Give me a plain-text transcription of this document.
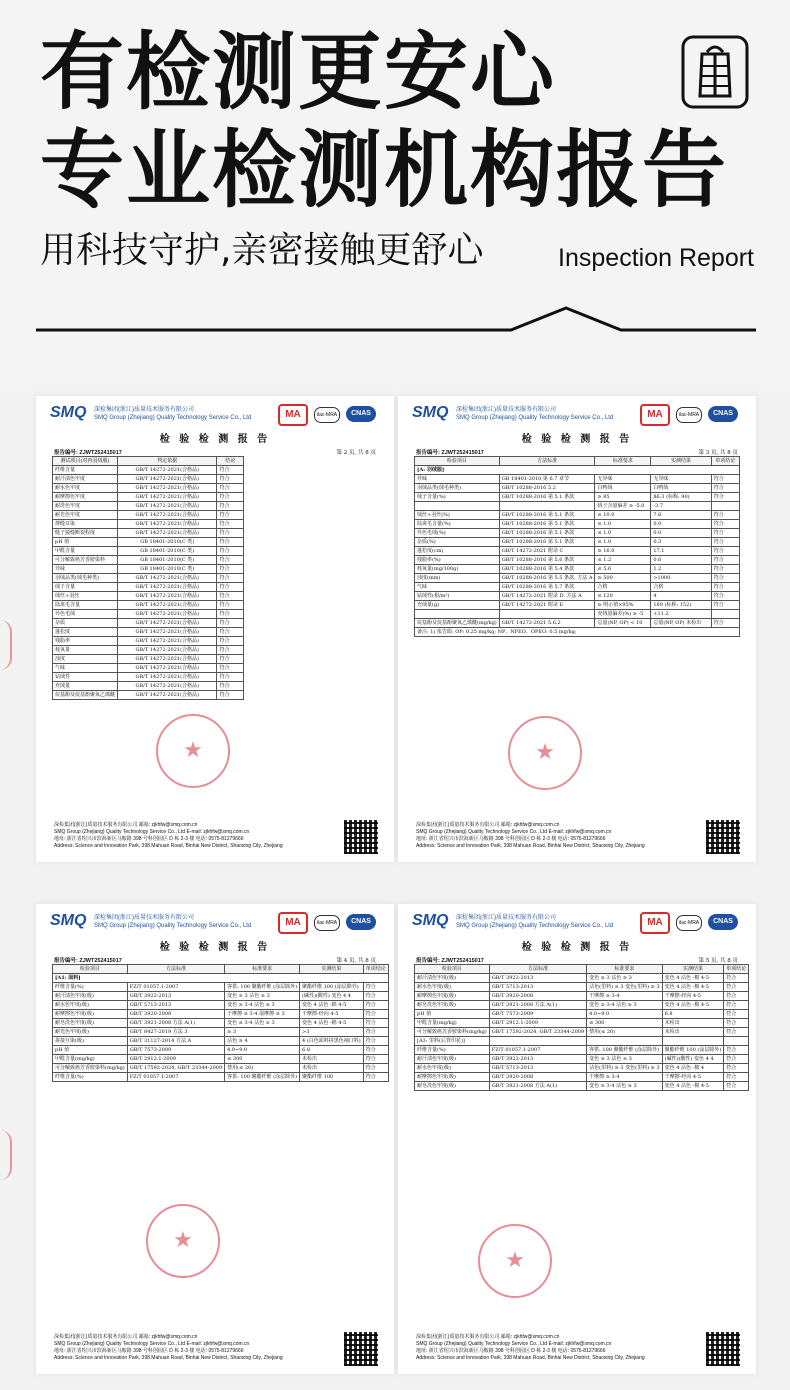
有检测更安心
专业检测机构报告
用科技守护,亲密接触更舒心	Inspection Report
SMQ 深检集团(浙江)质量技术服务有限公司
SMQ Group (Zhejiang) Quality Technology Service Co., Ltd	MA	ilac-MRA	CNAS
检 验 检 测 报 告
报告编号: ZJWT252415017	第 2 页, 共 8 页
测试项目(对再羽绒服)	判定依据	结论
纤维含量	GB/T 14272-2021(合格品)	符合
耐汗渍色牢度	GB/T 14272-2021(合格品)	符合
耐水色牢度	GB/T 14272-2021(合格品)	符合
耐摩擦色牢度	GB/T 14272-2021(合格品)	符合
耐洗色牢度	GB/T 14272-2021(合格品)	符合
耐光色牢度	GB/T 14272-2021(合格品)	符合
撑缝耳染	GB/T 14272-2021(合格品)	符合
缝子接缝断裂程度	GB/T 14272-2021(合格品)	符合
pH 值	GB 18401-2010(C 类)	符合
甲醛含量	GB 18401-2010(C 类)	符合
可分解致癌芳香胺染料	GB 18401-2010(C 类)	符合
异味	GB 18401-2010(C 类)	符合
羽绒品类(绒毛种类)	GB/T 14272-2021(合格品)	符合
绒子含量	GB/T 14272-2021(合格品)	符合
绒丝+羽丝	GB/T 14272-2021(合格品)	符合
陆禽毛含量	GB/T 14272-2021(合格品)	符合
异色毛绒	GB/T 14272-2021(合格品)	符合
杂质	GB/T 14272-2021(合格品)	符合
蓬松度	GB/T 14272-2021(合格品)	符合
残脂率	GB/T 14272-2021(合格品)	符合
耗氧量	GB/T 14272-2021(合格品)	符合
浊度	GB/T 14272-2021(合格品)	符合
气味	GB/T 14272-2021(合格品)	符合
钻绒性	GB/T 14272-2021(合格品)	符合
充绒量	GB/T 14272-2021(合格品)	符合
烷基酚及烷基酚聚氧乙烯醚	GB/T 14272-2021(合格品)	符合
★
深检集团(浙江)质量技术服务有限公司 邮箱: zjkhfw@smq.com.cn
SMQ Group (Zhejiang) Quality Technology Service Co., Ltd E-mail: zjkhfw@smq.com.cn
地址: 浙江省绍兴市滨海新区马鞍路 398 号科创园区 D 栋 2-3 楼 电话: 0575-81279666
Address: Science and Innovation Park, 398 Mahuan Road, Binhai New District, Shaoxing City, Zhejiang
SMQ 深检集团(浙江)质量技术服务有限公司
SMQ Group (Zhejiang) Quality Technology Service Co., Ltd	MA	ilac-MRA	CNAS
检 验 检 测 报 告
报告编号: ZJWT252415017	第 3 页, 共 8 页
检验项目	方法标准	标准要求	实测结果	单项结论
[A: 羽绒服]				
异味	GB 18401-2010 第 6.7 章节	无异味	无异味	符合
羽绒品类(绒毛种类)	GB/T 10288-2016 5.2	白鸭绒	白鸭绒	符合
绒子含量(%)	GB/T 10288-2016 第 5.1 条款	≥ 85	86.3 (标称: 90)	符合
		绒子含量偏差 ≥ -5.0	-3.7	
绒丝+羽丝(%)	GB/T 10288-2016 第 5.1 条款	≤ 10.0	7.6	符合
陆禽毛含量(%)	GB/T 10288-2016 第 5.1 条款	≤ 1.0	0.0	符合
异色毛绒(%)	GB/T 10288-2016 第 5.1 条款	≤ 1.0	0.0	符合
杂质(%)	GB/T 10288-2016 第 5.1 条款	≤ 1.0	0.3	符合
蓬松度(cm)	GB/T 14272-2021 附录 C	≥ 16.0	17.1	符合
残脂率(%)	GB/T 10288-2016 第 5.6 条款	≤ 1.2	0.6	符合
耗氧量(mg/100g)	GB/T 10288-2016 第 5.4 条款	≤ 5.6	1.2	符合
浊度(mm)	GB/T 10288-2016 第 5.5 条款, 方法 A	≥ 500	>1000	符合
气味	GB/T 10288-2016 第 5.7 条款	合格	合格	符合
钻绒性(根/m²)	GB/T 14272-2021 附录 D, 方法 A	≤ 120	4	符合
充绒量(g)	GB/T 14272-2021 附录 E	≥ 明示值×95%	169 (标称: 152)	符合
		充绒量偏差(%) ≥ -5	+11.2	
烷基酚及烷基酚聚氧乙烯醚(mg/kg)	GB/T 14272-2021 5.6.2	总量(NP, OP) < 10	总量(NP, OP) 未检出	符合
备注: 1) 报告限: OP: 0.25 mg/kg; NP、NPEO、OPEO: 0.5 mg/kg;				
★
深检集团(浙江)质量技术服务有限公司 邮箱: zjkhfw@smq.com.cn
SMQ Group (Zhejiang) Quality Technology Service Co., Ltd E-mail: zjkhfw@smq.com.cn
地址: 浙江省绍兴市滨海新区马鞍路 398 号科创园区 D 栋 2-3 楼 电话: 0575-81279666
Address: Science and Innovation Park, 398 Mahuan Road, Binhai New District, Shaoxing City, Zhejiang
SMQ 深检集团(浙江)质量技术服务有限公司
SMQ Group (Zhejiang) Quality Technology Service Co., Ltd	MA	ilac-MRA	CNAS
检 验 检 测 报 告
报告编号: ZJWT252415017	第 4 页, 共 8 页
检验项目	方法标准	标准要求	实测结果	单项结论
[A1: 面料]				
纤维含量(%)	FZ/T 01057.1-2007	客供: 100 聚酯纤维 (涂层除外)	聚酯纤维 100 (涂层除外)	符合
耐汗渍色牢度(级)	GB/T 3922-2013	变色 ≥ 3 沾色 ≥ 3	(碱性)(酸性) 变色 4 4	符合
耐水色牢度(级)	GB/T 5713-2013	变色 ≥ 3-4 沾色 ≥ 3	变色 4 沾色 -棉 4-5	符合
耐摩擦色牢度(级)	GB/T 3920-2008	干摩擦 ≥ 3-4 湿摩擦 ≥ 3	干摩擦-经向 4-5	符合
耐皂洗色牢度(级)	GB/T 3921-2008 方法 A(1)	变色 ≥ 3-4 沾色 ≥ 3	变色 4 沾色 -棉 4-5	符合
耐光色牢度(级)	GB/T 8427-2019 方法 3	≥ 3	>3	符合
拼接互染(级)	GB/T 31127-2014 方法 A	沾色 ≥ 4	4 (白色面料拼黑色袖口料)	符合
pH 值	GB/T 7573-2009	4.0~9.0	6.8	符合
甲醛含量(mg/kg)	GB/T 2912.1-2009	≤ 300	未检出	符合
可分解致癌芳香胺染料(mg/kg)	GB/T 17592-2024, GB/T 23344-2009	禁用(≤ 20)	未检出	符合
纤维含量(%)	FZ/T 01057.1-2007	客供: 100 聚酯纤维 (涂层除外)	聚酯纤维 100	符合
★
深检集团(浙江)质量技术服务有限公司 邮箱: zjkhfw@smq.com.cn
SMQ Group (Zhejiang) Quality Technology Service Co., Ltd E-mail: zjkhfw@smq.com.cn
地址: 浙江省绍兴市滨海新区马鞍路 398 号科创园区 D 栋 2-3 楼 电话: 0575-81279666
Address: Science and Innovation Park, 398 Mahuan Road, Binhai New District, Shaoxing City, Zhejiang
SMQ 深检集团(浙江)质量技术服务有限公司
SMQ Group (Zhejiang) Quality Technology Service Co., Ltd	MA	ilac-MRA	CNAS
检 验 检 测 报 告
报告编号: ZJWT252415017	第 5 页, 共 8 页
检验项目	方法标准	标准要求	实测结果	单项结论
耐汗渍色牢度(级)	GB/T 3922-2013	变色 ≥ 3 沾色 ≥ 3	变色 4 沾色 -棉 4-5	符合
耐水色牢度(级)	GB/T 5713-2013	沾色(里料) ≥ 3 变色(里料) ≥ 3	变色 4 沾色 -棉 4-5	符合
耐摩擦色牢度(级)	GB/T 3920-2008	干摩擦 ≥ 3-4	干摩擦-经向 4-5	符合
耐皂洗色牢度(级)	GB/T 3921-2008 方法 A(1)	变色 ≥ 3-4 沾色 ≥ 3	变色 4 沾色 -棉 4-5	符合
pH 值	GB/T 7573-2009	4.0~9.0	6.8	符合
甲醛含量(mg/kg)	GB/T 2912.1-2009	≤ 300	未检出	符合
可分解致癌芳香胺染料(mg/kg)	GB/T 17592-2024, GB/T 23344-2009	禁用(≤ 20)	未检出	符合
[A3: 里料(后背印花)]				
纤维含量(%)	FZ/T 01057.1-2007	客供: 100 聚酯纤维 (涂层除外)	聚酯纤维 100 (涂层除外)	符合
耐汗渍色牢度(级)	GB/T 3922-2013	变色 ≥ 3 沾色 ≥ 3	(碱性)(酸性) 变色 4 4	符合
耐水色牢度(级)	GB/T 5713-2013	沾色(里料) ≥ 3 变色(里料) ≥ 3	变色 4 沾色 -棉 4	符合
耐摩擦色牢度(级)	GB/T 3920-2008	干摩擦 ≥ 3-4	干摩擦-经向 4-5	符合
耐皂洗色牢度(级)	GB/T 3921-2008 方法 A(1)	变色 ≥ 3-4 沾色 ≥ 3	变色 4 沾色 -棉 4-5	符合
★
深检集团(浙江)质量技术服务有限公司 邮箱: zjkhfw@smq.com.cn
SMQ Group (Zhejiang) Quality Technology Service Co., Ltd E-mail: zjkhfw@smq.com.cn
地址: 浙江省绍兴市滨海新区马鞍路 398 号科创园区 D 栋 2-3 楼 电话: 0575-81279666
Address: Science and Innovation Park, 398 Mahuan Road, Binhai New District, Shaoxing City, Zhejiang
